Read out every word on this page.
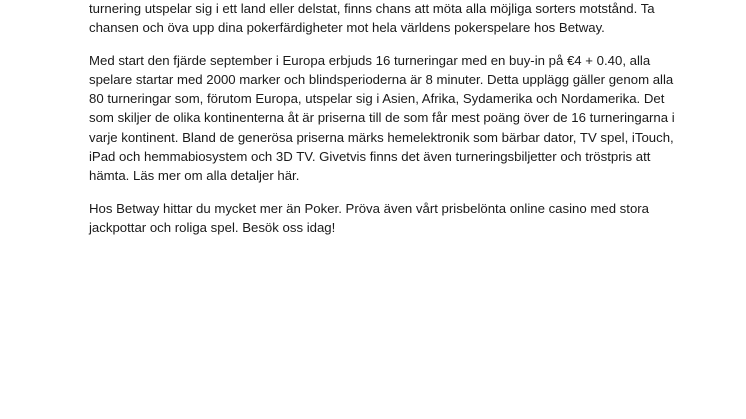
turnering utspelar sig i ett land eller delstat, finns chans att möta alla möjliga sorters motstånd. Ta
chansen och öva upp dina pokerfärdigheter mot hela världens pokerspelare hos Betway.

Med start den fjärde september i Europa erbjuds 16 turneringar med en buy-in på €4 + 0.40, alla
spelare startar med 2000 marker och blindsperioderna är 8 minuter. Detta upplägg gäller genom alla
80 turneringar som, förutom Europa, utspelar sig i Asien, Afrika, Sydamerika och Nordamerika. Det
som skiljer de olika kontinenterna åt är priserna till de som får mest poäng över de 16 turneringarna i
varje kontinent. Bland de generösa priserna märks hemelektronik som bärbar dator, TV spel, iTouch,
iPad och hemmabiosystem och 3D TV. Givetvis finns det även turneringsbiljetter och tröstpris att
hämta. Läs mer om alla detaljer här.

Hos Betway hittar du mycket mer än Poker. Pröva även vårt prisbelönta online casino med stora
jackpottar och roliga spel. Besök oss idag!
